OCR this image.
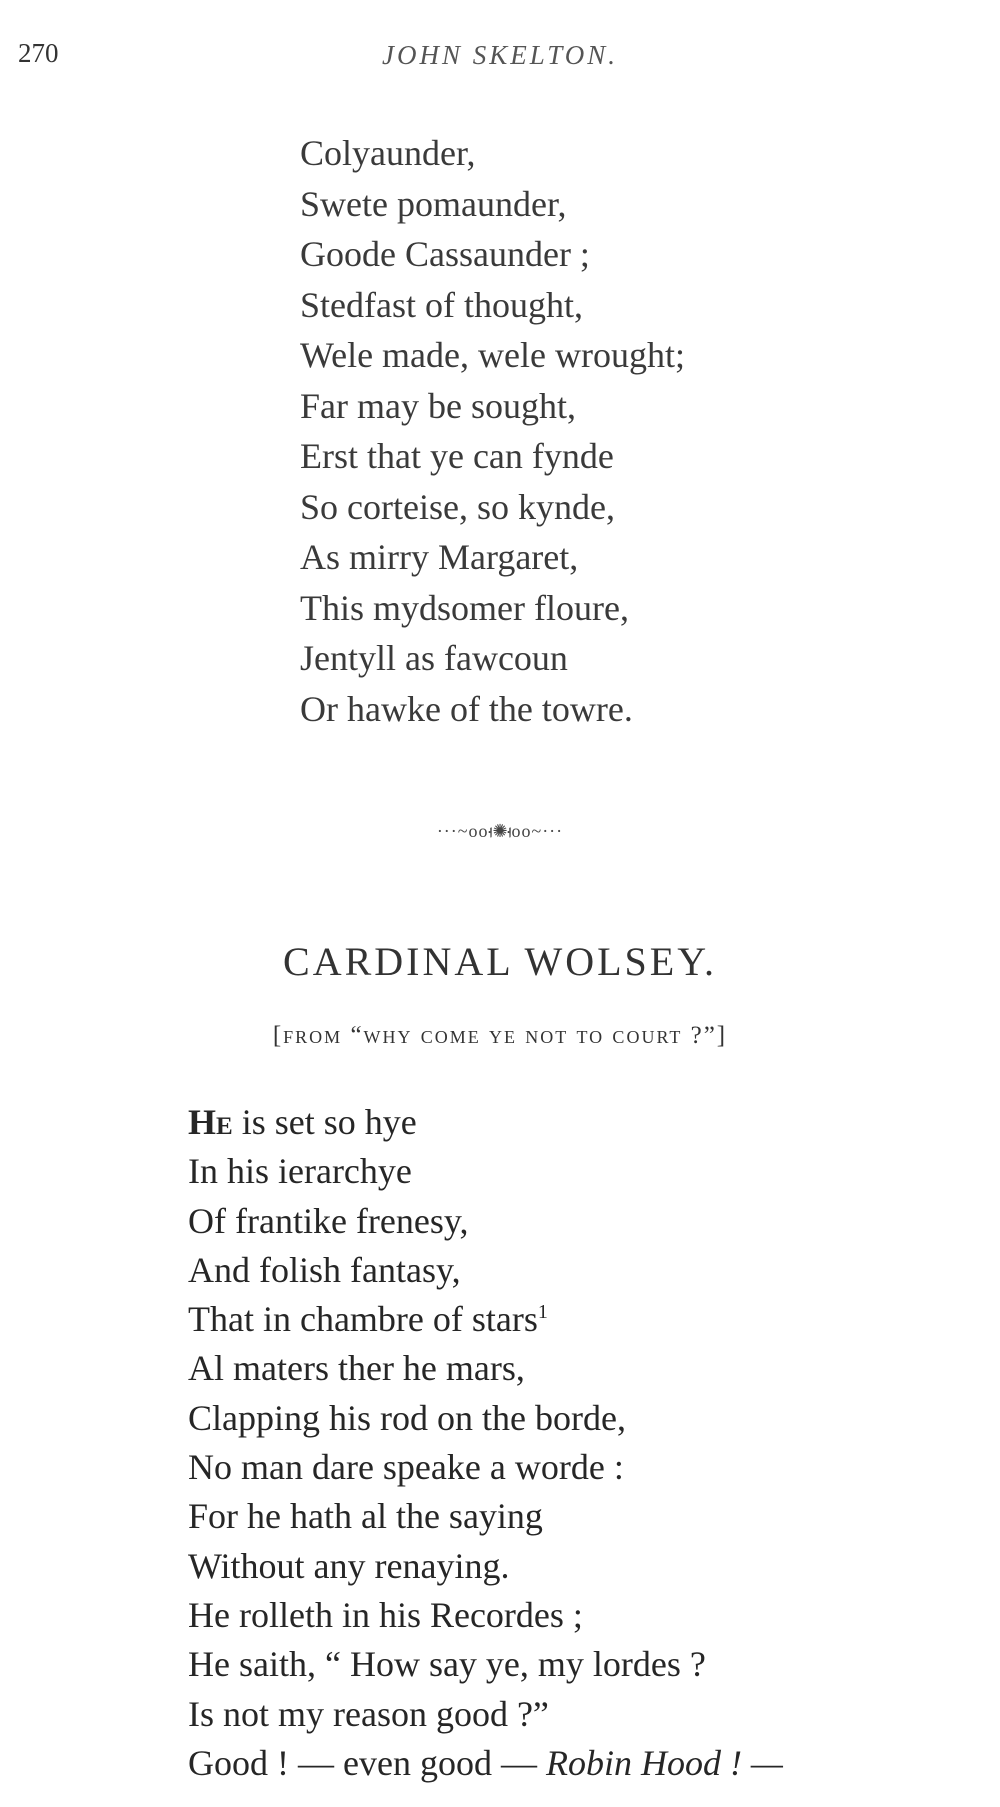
270	JOHN SKELTON.
Colyaunder,
Swete pomaunder,
Goode Cassaunder ;
Stedfast of thought,
Wele made, wele wrought;
Far may be sought,
Erst that ye can fynde
So corteise, so kynde,
As mirry Margaret,
This mydsomer floure,
Jentyll as fawcoun
Or hawke of the towre.
···~ooࡸ✺ࡸoo~···
CARDINAL WOLSEY.
[from “why come ye not to court ?”]
He is set so hye
In his ierarchye
Of frantike frenesy,
And folish fantasy,
That in chambre of stars$^1$
Al maters ther he mars,
Clapping his rod on the borde,
No man dare speake a worde :
For he hath al the saying
Without any renaying.
He rolleth in his Recordes ;
He saith, “ How say ye, my lordes ?
Is not my reason good ?”
Good ! — even good — Robin Hood ! —
